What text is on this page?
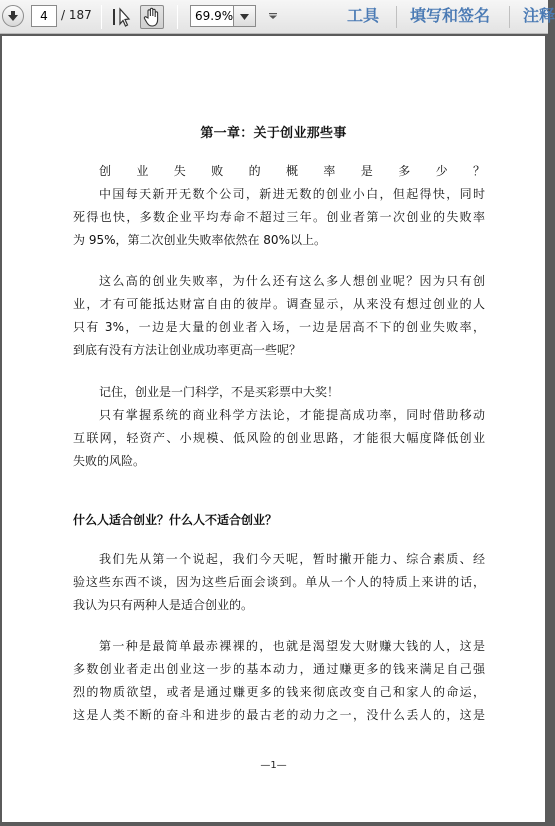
4	/ 187	69.9%	工具 填写和签名 注释
第一章：关于创业那些事
创业失败的概率是多少？
中国每天新开无数个公司，新进无数的创业小白，但起得快，同时
死得也快，多数企业平均寿命不超过三年。创业者第一次创业的失败率
为 95%，第二次创业失败率依然在 80%以上。
这么高的创业失败率，为什么还有这么多人想创业呢？因为只有创
业，才有可能抵达财富自由的彼岸。调查显示，从来没有想过创业的人
只有 3%，一边是大量的创业者入场，一边是居高不下的创业失败率，
到底有没有方法让创业成功率更高一些呢？
记住，创业是一门科学，不是买彩票中大奖！
只有掌握系统的商业科学方法论，才能提高成功率，同时借助移动
互联网，轻资产、小规模、低风险的创业思路，才能很大幅度降低创业
失败的风险。
什么人适合创业？什么人不适合创业？
我们先从第一个说起，我们今天呢，暂时撇开能力、综合素质、经
验这些东西不谈，因为这些后面会谈到。单从一个人的特质上来讲的话，
我认为只有两种人是适合创业的。
第一种是最简单最赤裸裸的，也就是渴望发大财赚大钱的人，这是
多数创业者走出创业这一步的基本动力，通过赚更多的钱来满足自己强
烈的物质欲望，或者是通过赚更多的钱来彻底改变自己和家人的命运，
这是人类不断的奋斗和进步的最古老的动力之一，没什么丢人的，这是
—1—
